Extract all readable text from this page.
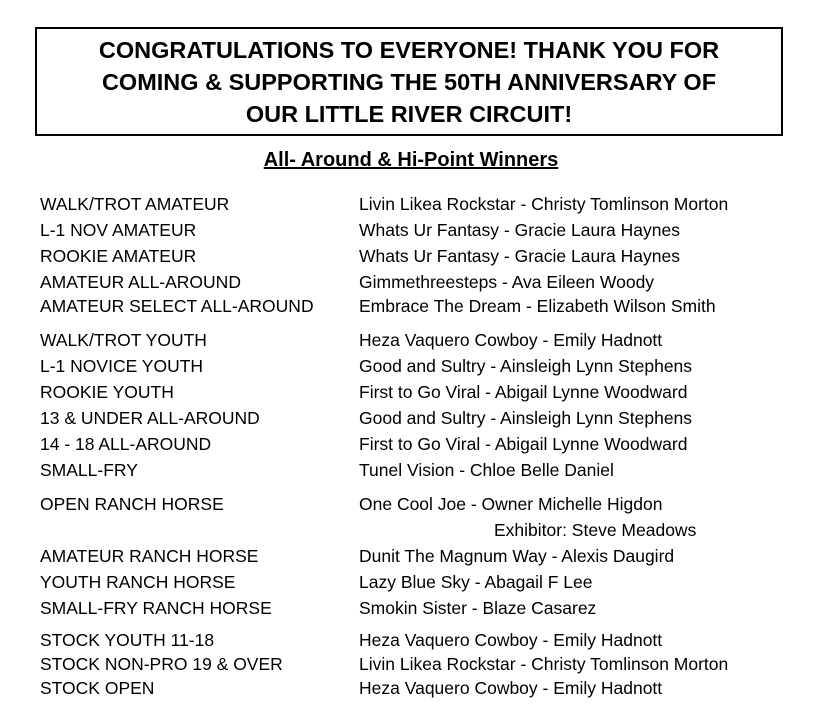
CONGRATULATIONS TO EVERYONE! THANK YOU FOR
COMING & SUPPORTING THE 50TH ANNIVERSARY OF
OUR LITTLE RIVER CIRCUIT!
All- Around & Hi-Point Winners
WALK/TROT AMATEUR	Livin Likea Rockstar - Christy Tomlinson Morton
L-1 NOV AMATEUR	Whats Ur Fantasy - Gracie Laura Haynes
ROOKIE AMATEUR	Whats Ur Fantasy - Gracie Laura Haynes
AMATEUR ALL-AROUND	Gimmethreesteps - Ava Eileen Woody
AMATEUR SELECT ALL-AROUND	Embrace The Dream - Elizabeth Wilson Smith
WALK/TROT YOUTH	Heza Vaquero Cowboy - Emily Hadnott
L-1 NOVICE YOUTH	Good and Sultry - Ainsleigh Lynn Stephens
ROOKIE YOUTH	First to Go Viral - Abigail Lynne Woodward
13 & UNDER ALL-AROUND	Good and Sultry - Ainsleigh Lynn Stephens
14 - 18 ALL-AROUND	First to Go Viral - Abigail Lynne Woodward
SMALL-FRY	Tunel Vision - Chloe Belle Daniel
OPEN RANCH HORSE	One Cool Joe - Owner Michelle Higdon
Exhibitor: Steve Meadows
AMATEUR RANCH HORSE	Dunit The Magnum Way - Alexis Daugird
YOUTH RANCH HORSE	Lazy Blue Sky - Abagail F Lee
SMALL-FRY RANCH HORSE	Smokin Sister - Blaze Casarez
STOCK YOUTH 11-18	Heza Vaquero Cowboy - Emily Hadnott
STOCK NON-PRO 19 & OVER	Livin Likea Rockstar - Christy Tomlinson Morton
STOCK OPEN	Heza Vaquero Cowboy - Emily Hadnott
